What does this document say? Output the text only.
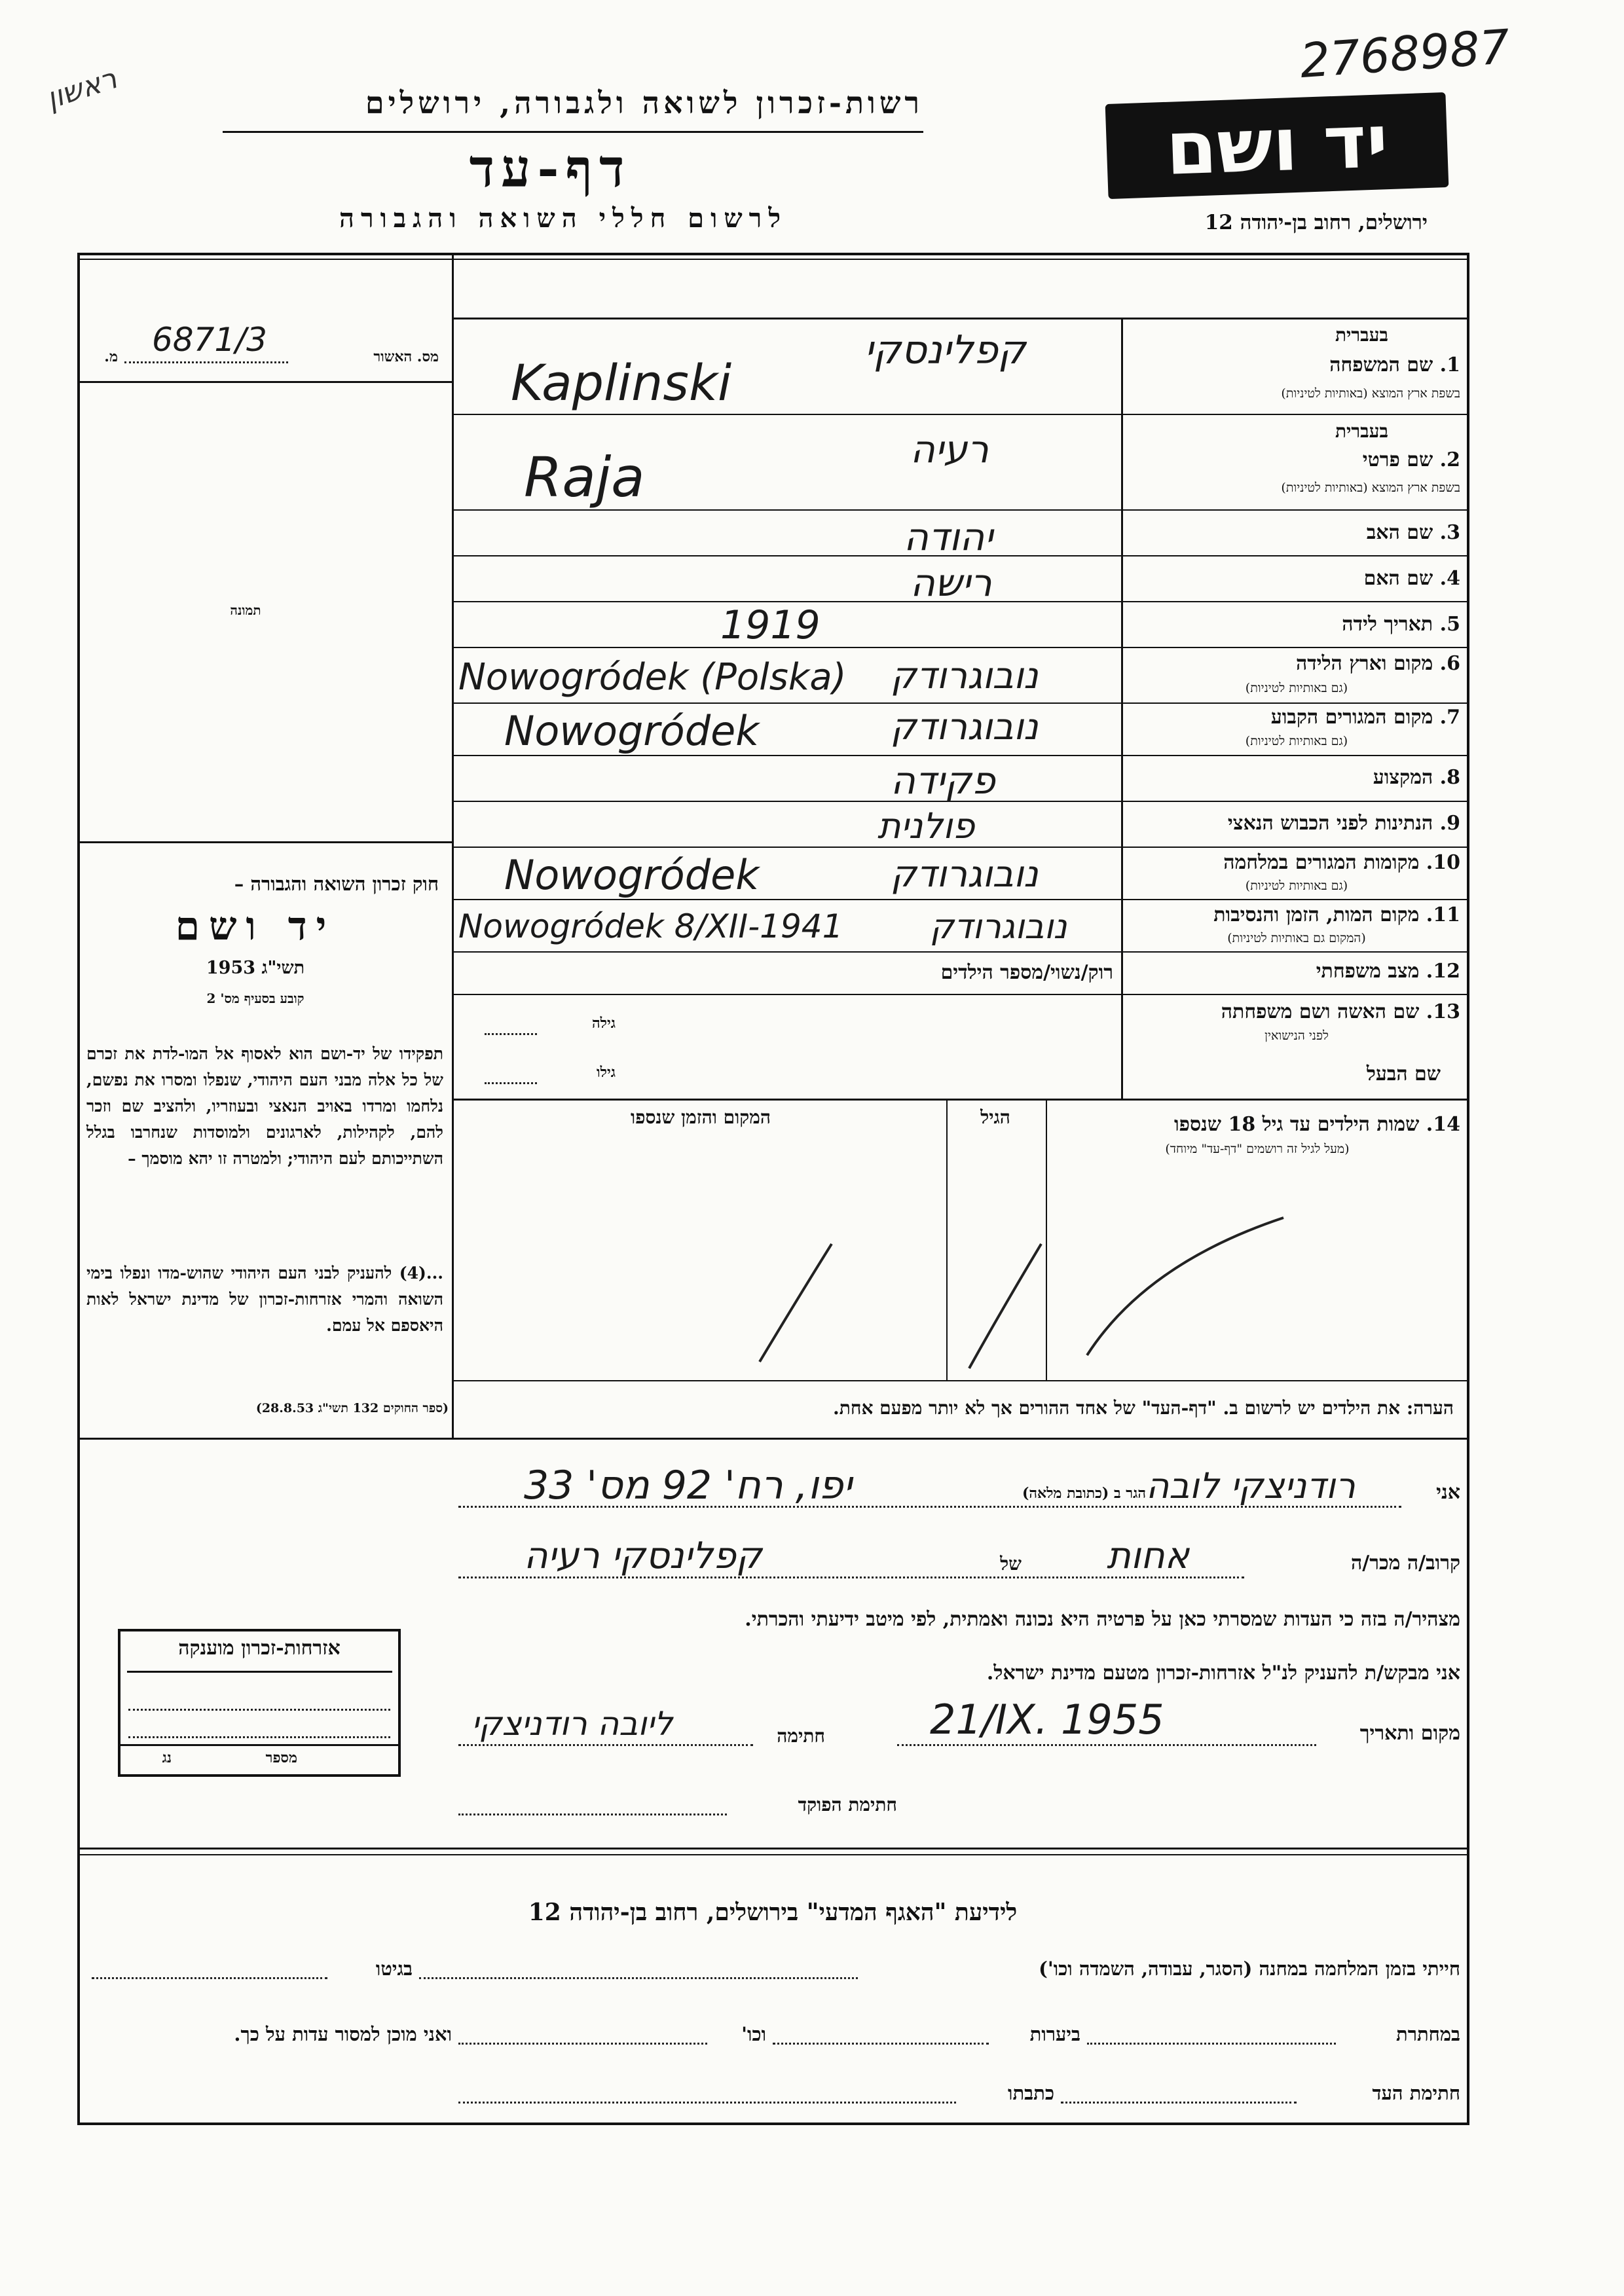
2768987
ראשון
יד ושם
רשות-זכרון לשואה ולגבורה, ירושלים
דף-עד
לרשום חללי השואה והגבורה	ירושלים, רחוב בן-יהודה 12
מס. האשור
מ. 6871/3
תמונה
חוק זכרון השואה והגבורה –
יד ושם
תשי"ג 1953
קובע בסעיף מס' 2
תפקידו של יד-ושם הוא לאסוף אל המו-לדת את זכרם של כל אלה מבני העם היהודי, שנפלו ומסרו את נפשם, נלחמו ומרדו באויב הנאצי ובעוזריו, ולהציב שם וזכר להם, לקהילות, לארגונים ולמוסדות שנחרבו בגלל השתייכותם לעם היהודי; ולמטרה זו יהא מוסמך –
...(4) להעניק לבני העם היהודי שהוש-מדו ונפלו בימי השואה והמרי אזרחות-זכרון של מדינת ישראל לאות היאספם אל עמם.
(ספר החוקים 132 תשי"ג 28.8.53)
בעברית
1. שם המשפחה
בשפת ארץ המוצא (באותיות לטיניות)
קפלינסקי
Kaplinski
בעברית
2. שם פרטי
בשפת ארץ המוצא (באותיות לטיניות)
רעיה
Raja
3. שם האב
יהודה
4. שם האם
רישה
5. תאריך לידה
1919
6. מקום וארץ הלידה
(גם באותיות לטיניות)
נובוגרודק
Nowogródek (Polska)
7. מקום המגורים הקבוע
(גם באותיות לטיניות)
נובוגרודק
Nowogródek
8. המקצוע
פקידה
9. הנתינות לפני הכבוש הנאצי
פולנית
10. מקומות המגורים במלחמה
(גם באותיות לטיניות)
נובוגרודק
Nowogródek
11. מקום המות, הזמן והנסיבות
(המקום גם באותיות לטיניות)
נובוגרודק
Nowogródek 8/XII-1941
12. מצב משפחתי
רוק/נשוי/מספר הילדים
13. שם האשה ושם משפחתה
לפני הנישואין
גילה
גילו	שם הבעל
14. שמות הילדים עד גיל 18 שנספו
(מעל לגיל זה רושמים "דף-עד" מיוחד)
הגיל
המקום והזמן שנספו
הערה: את הילדים יש לרשום ב. "דף-העד" של אחד ההורים אך לא יותר מפעם אחת.
אני
רודניצקי לובה
הגר ב (כתובת מלאה)
יפו, רח' 92 מס' 33
קרוב/ה מכר/ה
אחות
של
קפלינסקי רעיה
מצהיר/ה בזה כי העדות שמסרתי כאן על פרטיה היא נכונה ואמתית, לפי מיטב ידיעתי והכרתי.
אני מבקש/ת להעניק לנ"ל אזרחות-זכרון מטעם מדינת ישראל.
מקום ותאריך
21/IX. 1955
חתימה
ליובה רודניצקי
חתימת הפוקד
אזרחות-זכרון מוענקה
מספר
נג
לידיעת "האגף המדעי" בירושלים, רחוב בן-יהודה 12
חייתי בזמן המלחמה במחנה (הסגר, עבודה, השמדה וכו')
בגיטו
במחתרת
ביערות
וכו'
ואני מוכן למסור עדות על כך.
חתימת העד
כתבתו
